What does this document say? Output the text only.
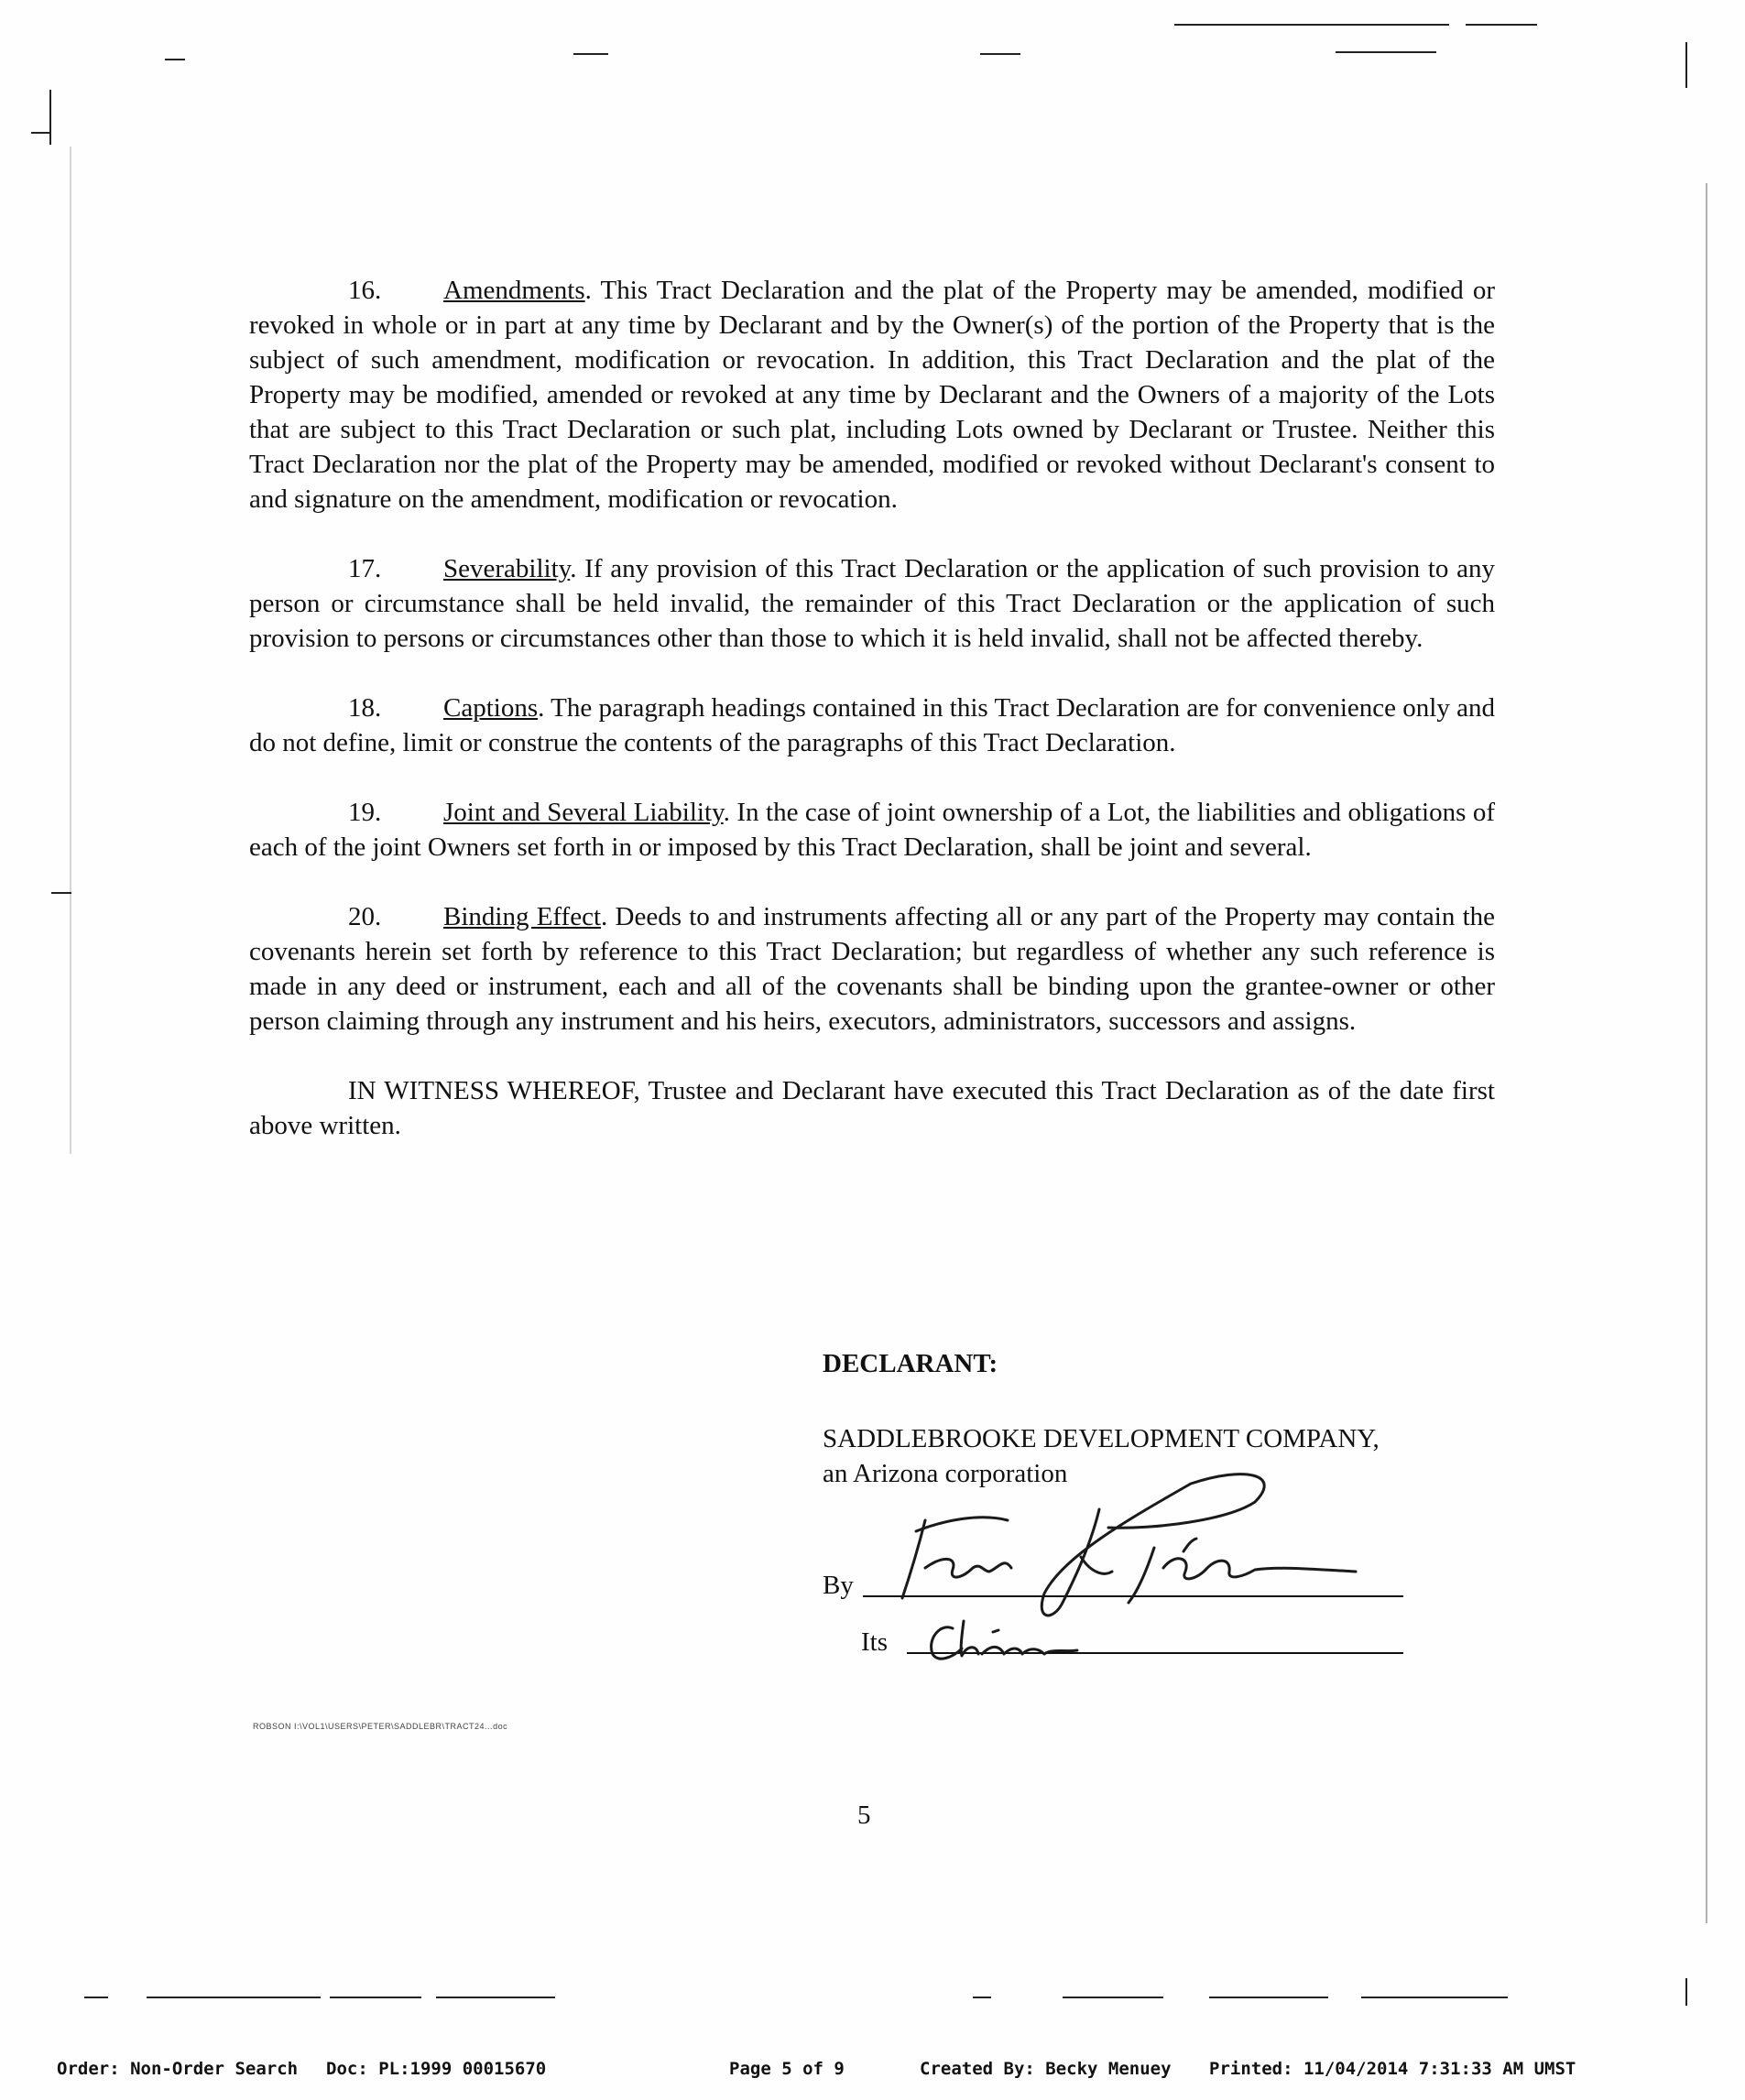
16. Amendments. This Tract Declaration and the plat of the Property may be amended, modified or revoked in whole or in part at any time by Declarant and by the Owner(s) of the portion of the Property that is the subject of such amendment, modification or revocation. In addition, this Tract Declaration and the plat of the Property may be modified, amended or revoked at any time by Declarant and the Owners of a majority of the Lots that are subject to this Tract Declaration or such plat, including Lots owned by Declarant or Trustee. Neither this Tract Declaration nor the plat of the Property may be amended, modified or revoked without Declarant's consent to and signature on the amendment, modification or revocation.

17. Severability. If any provision of this Tract Declaration or the application of such provision to any person or circumstance shall be held invalid, the remainder of this Tract Declaration or the application of such provision to persons or circumstances other than those to which it is held invalid, shall not be affected thereby.

18. Captions. The paragraph headings contained in this Tract Declaration are for convenience only and do not define, limit or construe the contents of the paragraphs of this Tract Declaration.

19. Joint and Several Liability. In the case of joint ownership of a Lot, the liabilities and obligations of each of the joint Owners set forth in or imposed by this Tract Declaration, shall be joint and several.

20. Binding Effect. Deeds to and instruments affecting all or any part of the Property may contain the covenants herein set forth by reference to this Tract Declaration; but regardless of whether any such reference is made in any deed or instrument, each and all of the covenants shall be binding upon the grantee-owner or other person claiming through any instrument and his heirs, executors, administrators, successors and assigns.

IN WITNESS WHEREOF, Trustee and Declarant have executed this Tract Declaration as of the date first above written.

DECLARANT:
SADDLEBROOKE DEVELOPMENT COMPANY,
an Arizona corporation
By
Its
ROBSON I:\VOL1\USERS\PETER\SADDLEBR\TRACT24...doc
5
Order: Non-Order Search Doc: PL:1999 00015670	Page 5 of 9	Created By: Becky Menuey Printed: 11/04/2014 7:31:33 AM UMST
